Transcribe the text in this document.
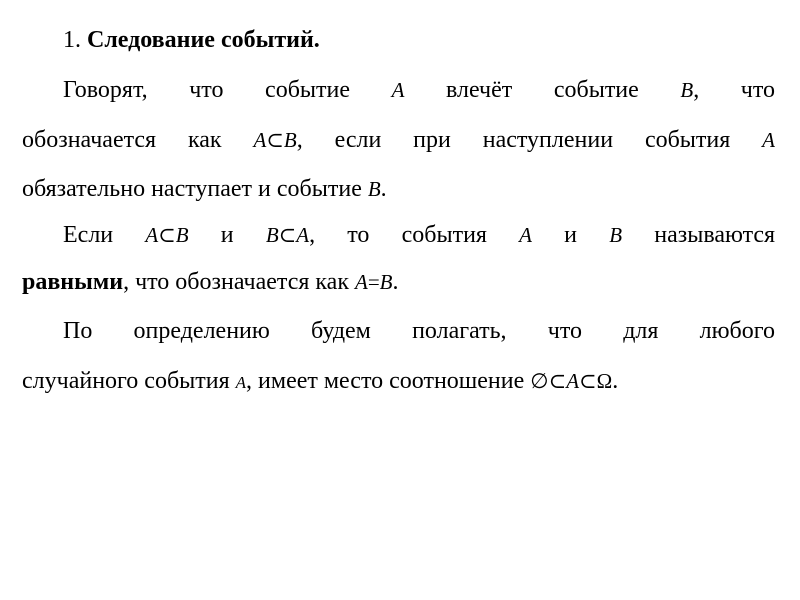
1. Следование событий.
Говорят, что событие A влечёт событие B, что
обозначается как A⊂B, если при наступлении события A
обязательно наступает и событие B.
Если A⊂B и B⊂A, то события A и B называются
равными, что обозначается как A=B.
По определению будем полагать, что для любого
случайного события A, имеет место соотношение ∅⊂A⊂Ω.
